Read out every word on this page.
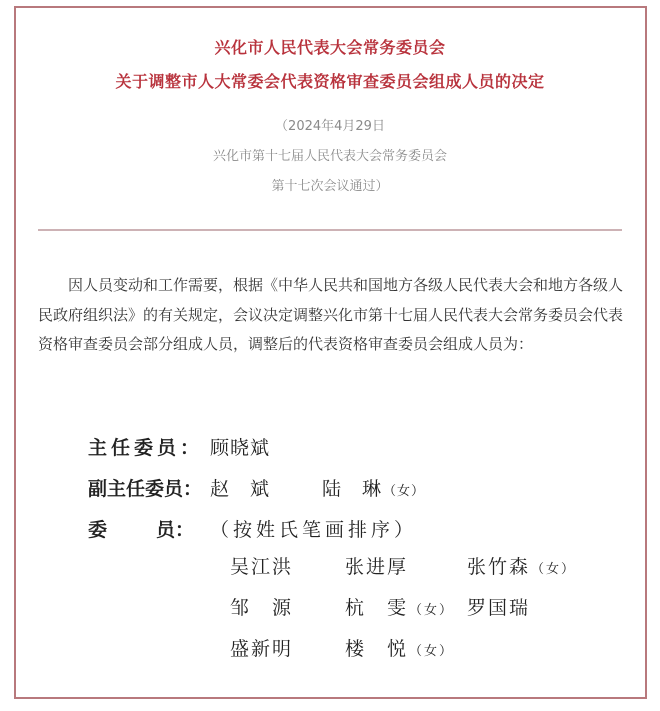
兴化市人民代表大会常务委员会
关于调整市人大常委会代表资格审查委员会组成人员的决定
（2024年4月29日
兴化市第十七届人民代表大会常务委员会
第十七次会议通过）

因人员变动和工作需要，根据《中华人民共和国地方各级人民代表大会和地方各级人民政府组织法》的有关规定，会议决定调整兴化市第十七届人民代表大会常务委员会代表资格审查委员会部分组成人员，调整后的代表资格审查委员会组成人员为：

主任委员： 顾晓斌
副主任委员： 赵　斌	陆　琳（女）
委	员： （按姓氏笔画排序）
吴江洪	张进厚	张竹森（女）
邹　源	杭　雯（女） 罗国瑞
盛新明	楼　悦（女）
